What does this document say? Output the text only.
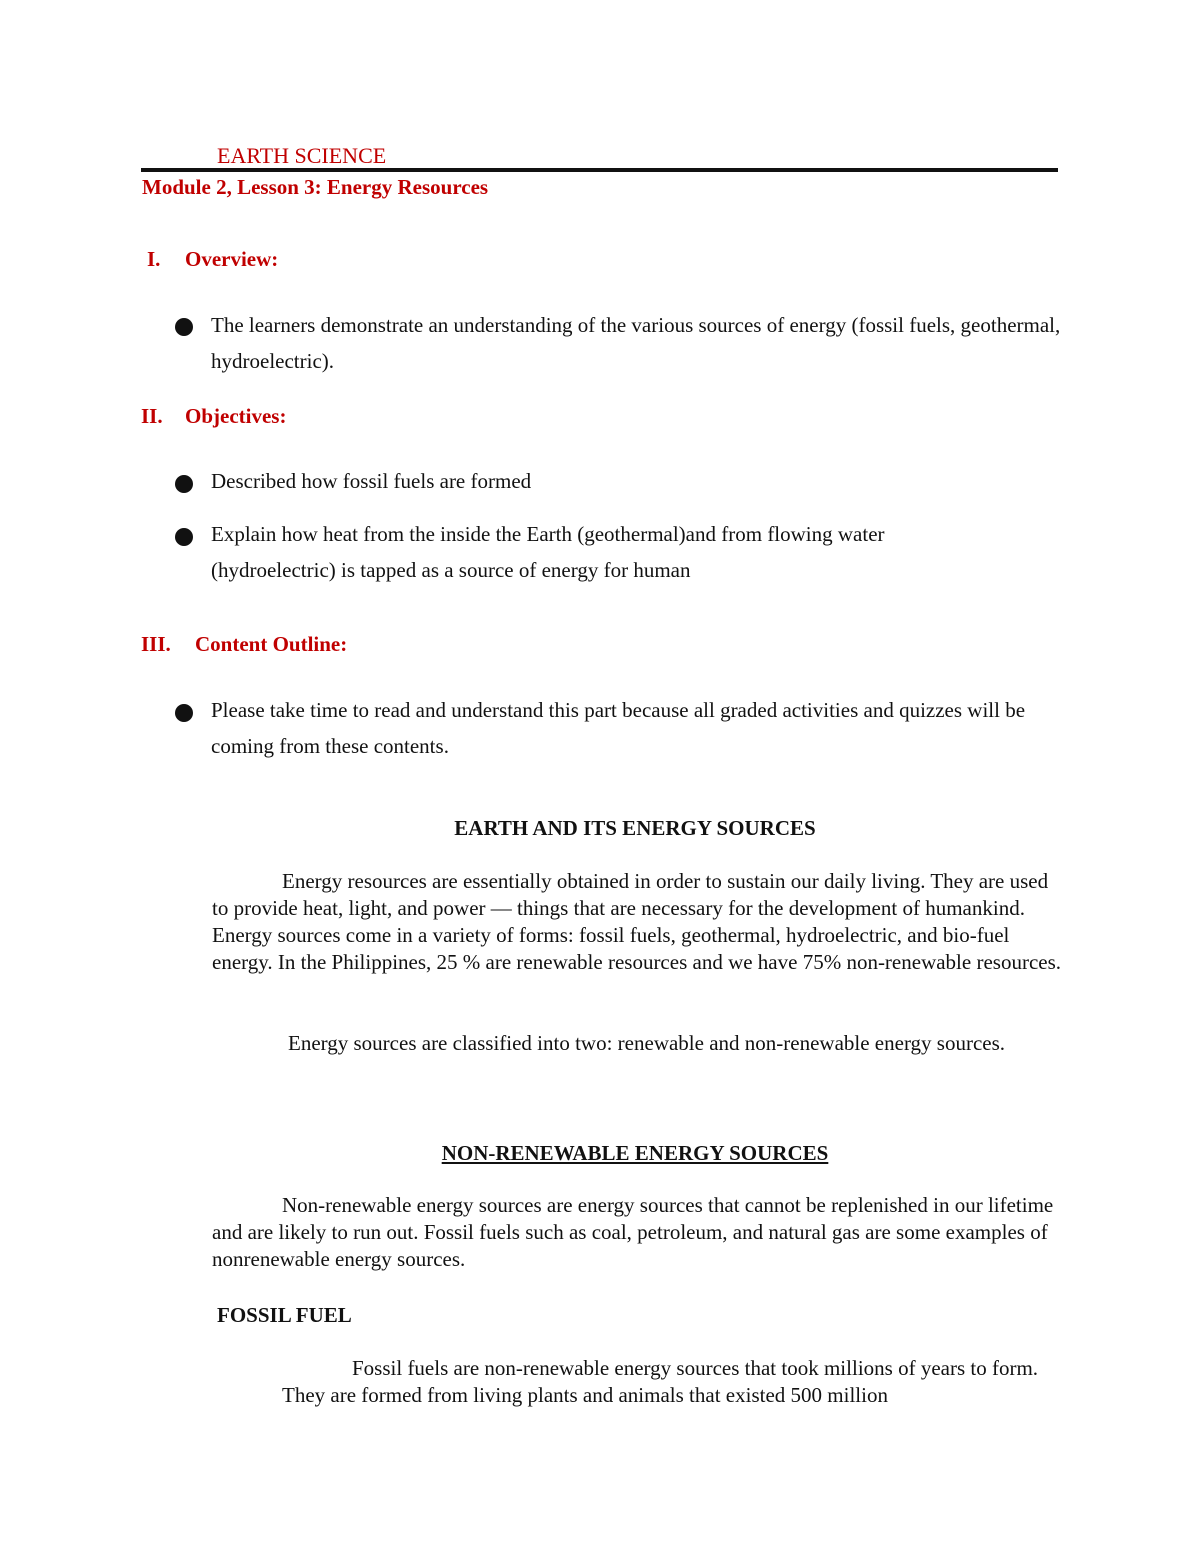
EARTH SCIENCE
Module 2, Lesson 3: Energy Resources
I. Overview:

The learners demonstrate an understanding of the various sources of energy (fossil fuels, geothermal, hydroelectric).

II. Objectives:

Described how fossil fuels are formed

Explain how heat from the inside the Earth (geothermal)and from flowing water (hydroelectric) is tapped as a source of energy for human

III. Content Outline:

Please take time to read and understand this part because all graded activities and quizzes will be coming from these contents.

EARTH AND ITS ENERGY SOURCES

Energy resources are essentially obtained in order to sustain our daily living. They are used to provide heat, light, and power — things that are necessary for the development of humankind. Energy sources come in a variety of forms: fossil fuels, geothermal, hydroelectric, and bio-fuel energy. In the Philippines, 25 % are renewable resources and we have 75% non-renewable resources.

Energy sources are classified into two: renewable and non-renewable energy sources.

NON-RENEWABLE ENERGY SOURCES

Non-renewable energy sources are energy sources that cannot be replenished in our lifetime and are likely to run out. Fossil fuels such as coal, petroleum, and natural gas are some examples of nonrenewable energy sources.

FOSSIL FUEL

Fossil fuels are non-renewable energy sources that took millions of years to form. They are formed from living plants and animals that existed 500 million
